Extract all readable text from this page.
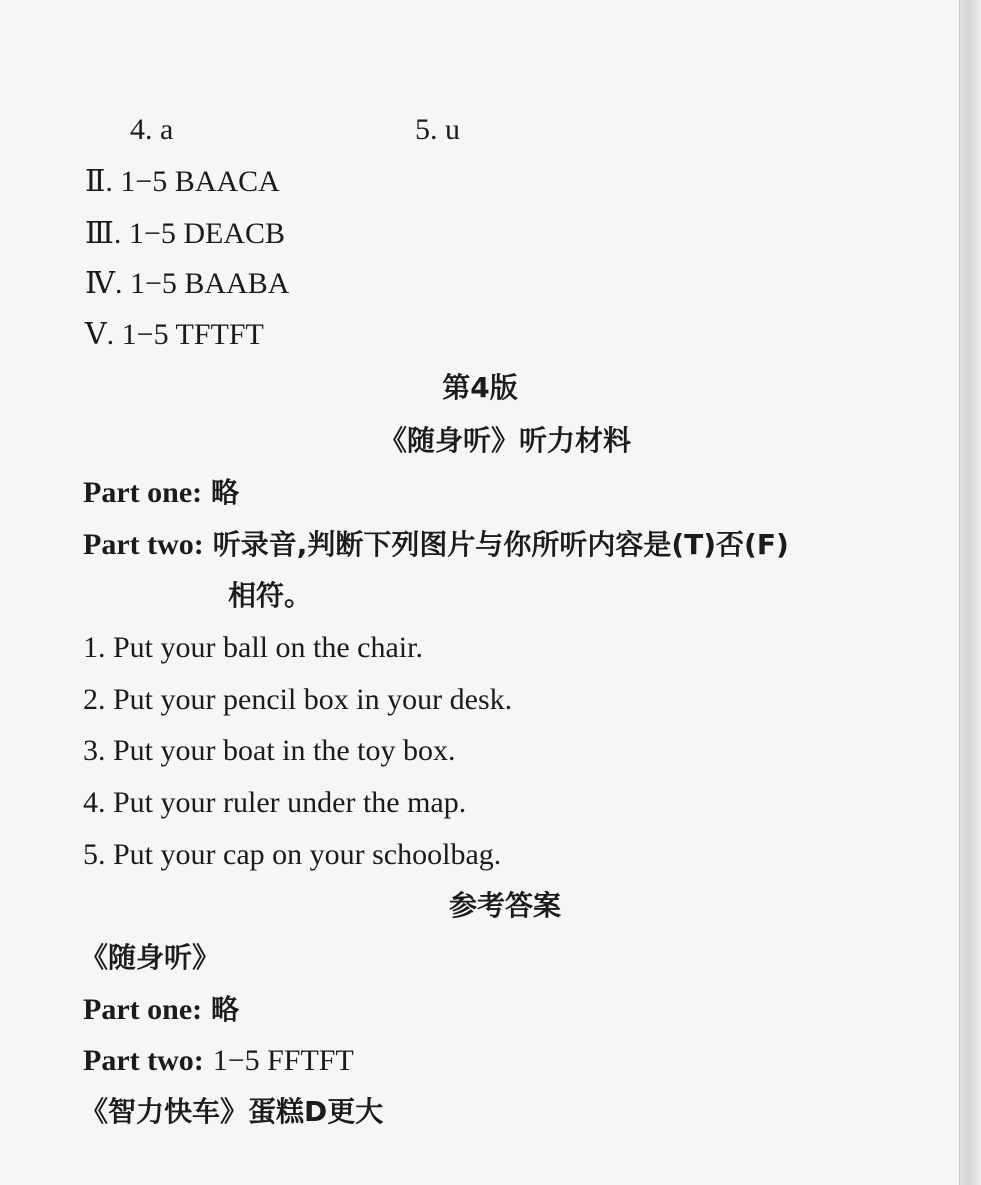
4. a	5. u
Ⅱ. 1−5 BAACA
Ⅲ. 1−5 DEACB
Ⅳ. 1−5 BAABA
Ⅴ. 1−5 TFTFT
第4版
《随身听》听力材料
Part one: 略
Part two: 听录音,判断下列图片与你所听内容是(T)否(F)
相符。
1. Put your ball on the chair.
2. Put your pencil box in your desk.
3. Put your boat in the toy box.
4. Put your ruler under the map.
5. Put your cap on your schoolbag.
参考答案
《随身听》
Part one: 略
Part two: 1−5 FFTFT
《智力快车》蛋糕D更大
